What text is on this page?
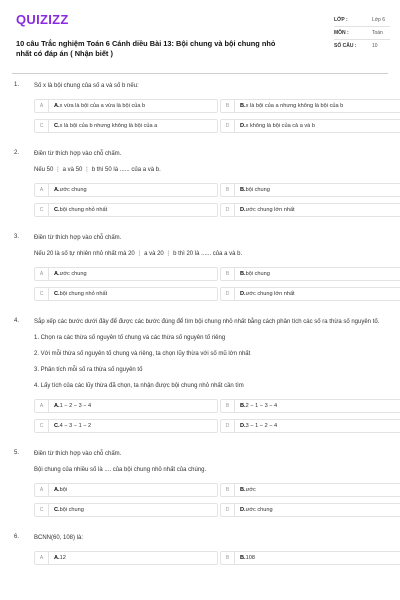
QUIZIZZ
10 câu Trắc nghiệm Toán 6 Cánh diều Bài 13: Bội chung và bội chung nhỏ nhất có đáp án ( Nhận biết )
LỚP :	Lớp 6
MÔN :	Toán
SỐ CÂU :	10
1. Số x là bội chung của số a và số b nếu:
A	A.x vừa là bội của a vừa là bội của b	B	B.x là bội của a nhưng không là bội của b
C	C.x là bội của b nhưng không là bội của a	D	D.x không là bội của cả a và b
2. Điền từ thích hợp vào chỗ chấm.
Nếu 50 ⋮ a và 50 ⋮ b thì 50 là ...... của a và b.
A	A.ước chung	B	B.bội chung
C	C.bội chung nhỏ nhất	D	D.ước chung lớn nhất
3. Điền từ thích hợp vào chỗ chấm.
Nếu 20 là số tự nhiên nhỏ nhất mà 20 ⋮ a và 20 ⋮ b thì 20 là ...... của a và b.
A	A.ước chung	B	B.bội chung
C	C.bội chung nhỏ nhất	D	D.ước chung lớn nhất
4. Sắp xếp các bước dưới đây để được các bước đúng để tìm bội chung nhỏ nhất bằng cách phân tích các số ra thừa số nguyên tố.
1. Chọn ra các thừa số nguyên tố chung và các thừa số nguyên tố riêng
2. Với mỗi thừa số nguyên tố chung và riêng, ta chọn lũy thừa với số mũ lớn nhất
3. Phân tích mỗi số ra thừa số nguyên tố
4. Lấy tích của các lũy thừa đã chọn, ta nhận được bội chung nhỏ nhất cần tìm
A	A.1 − 2 − 3 − 4	B	B.2 − 1 − 3 − 4
C	C.4 − 3 − 1 − 2	D	D.3 − 1 − 2 − 4
5. Điền từ thích hợp vào chỗ chấm.
Bội chung của nhiều số là .... của bội chung nhỏ nhất của chúng.
A	A.bội	B	B.ước
C	C.bội chung	D	D.ước chung
6. BCNN(60, 108) là:
A	A.12	B	B.108
